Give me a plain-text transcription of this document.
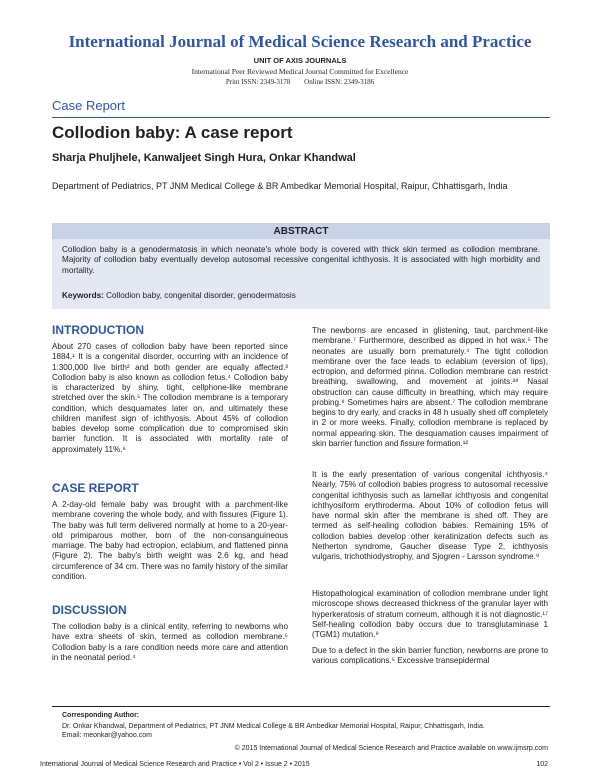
International Journal of Medical Science Research and Practice
UNIT OF AXIS JOURNALS
International Peer Reviewed Medical Journal Committed for Excellence
Print ISSN: 2349-3178 Online ISSN: 2349-3186
Case Report
Collodion baby: A case report
Sharja Phuljhele, Kanwaljeet Singh Hura, Onkar Khandwal
Department of Pediatrics, PT JNM Medical College & BR Ambedkar Memorial Hospital, Raipur, Chhattisgarh, India
ABSTRACT
Collodion baby is a genodermatosis in which neonate's whole body is covered with thick skin termed as collodion membrane. Majority of collodion baby eventually develop autosomal recessive congenital ichthyosis. It is associated with high morbidity and mortality.
Keywords: Collodion baby, congenital disorder, genodermatosis
INTRODUCTION
About 270 cases of collodion baby have been reported since 1884.¹ It is a congenital disorder, occurring with an incidence of 1:300,000 live birth² and both gender are equally affected.³ Collodion baby is also known as collodion fetus.⁴ Collodion baby is characterized by shiny, tight, cellphone-like membrane stretched over the skin.⁵ The collodion membrane is a temporary condition, which desquamates later on, and ultimately these children manifest sign of ichthyosis. About 45% of collodion babies develop some complication due to compromised skin barrier function. It is associated with mortality rate of approximately 11%.⁶
CASE REPORT
A 2-day-old female baby was brought with a parchment-like membrane covering the whole body, and with fissures (Figure 1). The baby was full term delivered normally at home to a 20-year-old primiparous mother, born of the non-consanguineous marriage. The baby had ectropion, eclabium, and flattened pinna (Figure 2). The baby's birth weight was 2.6 kg, and head circumference of 34 cm. There was no family history of the similar condition.
DISCUSSION
The collodion baby is a clinical entity, referring to newborns who have extra sheets of skin, termed as collodion membrane.⁵ Collodion baby is a rare condition needs more care and attention in the neonatal period.⁴
The newborns are encased in glistening, taut, parchment-like membrane.⁷ Furthermore, described as dipped in hot wax.⁵ The neonates are usually born prematurely.⁴ The tight collodion membrane over the face leads to eclabium (eversion of lips), ectropion, and deformed pinna. Collodion membrane can restrict breathing, swallowing, and movement at joints.³⁸ Nasal obstruction can cause difficulty in breathing, which may require probing.⁸ Sometimes hairs are absent.⁷ The collodion membrane begins to dry early, and cracks in 48 h usually shed off completely in 2 or more weeks. Finally, collodion membrane is replaced by normal appearing skin. The desquamation causes impairment of skin barrier function and fissure formation.¹²
It is the early presentation of various congenital ichthyosis.⁴ Nearly, 75% of collodion babies progress to autosomal recessive congenital ichthyosis such as lamellar ichthyosis and congenital ichthyosiform erythroderma. About 10% of collodion fetus will have normal skin after the membrane is shed off. They are termed as self-healing collodion babies. Remaining 15% of collodion babies develop other keratinization defects such as Netherton syndrome, Gaucher disease Type 2, ichthyosis vulgaris, trichothiodystrophy, and Sjogren - Larsson syndrome.⁹
Histopathological examination of collodion membrane under light microscope shows decreased thickness of the granular layer with hyperkeratosis of stratum corneum, although it is not diagnostic.¹⁷ Self-healing collodion baby occurs due to transglutaminase 1 (TGM1) mutation.⁹
Due to a defect in the skin barrier function, newborns are prone to various complications.⁵ Excessive transepidermal
Corresponding Author:
Dr. Onkar Khandwal, Department of Pediatrics, PT JNM Medical College & BR Ambedkar Memorial Hospital, Raipur, Chhattisgarh, India.
Email: meonkar@yahoo.com
© 2015 International Journal of Medical Science Research and Practice available on www.ijmsrp.com
International Journal of Medical Science Research and Practice • Vol 2 • Issue 2 • 2015	102
